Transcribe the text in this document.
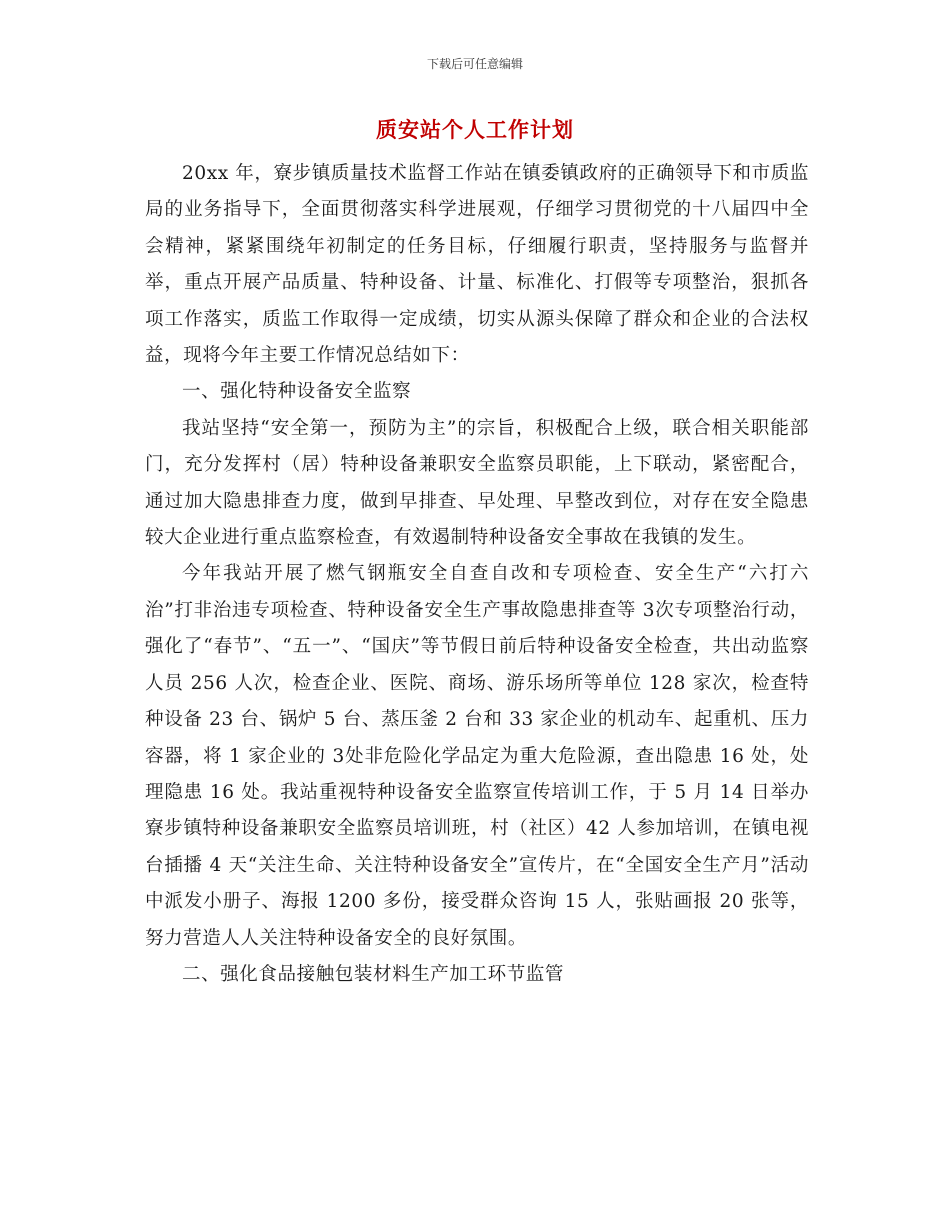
下载后可任意编辑
质安站个人工作计划

20xx 年，寮步镇质量技术监督工作站在镇委镇政府的正确领导下和市质监局的业务指导下，全面贯彻落实科学进展观，仔细学习贯彻党的十八届四中全会精神，紧紧围绕年初制定的任务目标，仔细履行职责，坚持服务与监督并举，重点开展产品质量、特种设备、计量、标准化、打假等专项整治，狠抓各项工作落实，质监工作取得一定成绩，切实从源头保障了群众和企业的合法权益，现将今年主要工作情况总结如下：

一、强化特种设备安全监察

我站坚持“安全第一，预防为主”的宗旨，积极配合上级，联合相关职能部门，充分发挥村（居）特种设备兼职安全监察员职能，上下联动，紧密配合，通过加大隐患排查力度，做到早排查、早处理、早整改到位，对存在安全隐患较大企业进行重点监察检查，有效遏制特种设备安全事故在我镇的发生。

今年我站开展了燃气钢瓶安全自查自改和专项检查、安全生产“六打六治”打非治违专项检查、特种设备安全生产事故隐患排查等 3次专项整治行动，强化了“春节”、“五一”、“国庆”等节假日前后特种设备安全检查，共出动监察人员 256 人次，检查企业、医院、商场、游乐场所等单位 128 家次，检查特种设备 23 台、锅炉 5 台、蒸压釜 2 台和 33 家企业的机动车、起重机、压力容器，将 1 家企业的 3处非危险化学品定为重大危险源，查出隐患 16 处，处理隐患 16 处。我站重视特种设备安全监察宣传培训工作，于 5 月 14 日举办寮步镇特种设备兼职安全监察员培训班，村（社区）42 人参加培训，在镇电视台插播 4 天“关注生命、关注特种设备安全”宣传片，在“全国安全生产月”活动中派发小册子、海报 1200 多份，接受群众咨询 15 人，张贴画报 20 张等，努力营造人人关注特种设备安全的良好氛围。

二、强化食品接触包装材料生产加工环节监管
